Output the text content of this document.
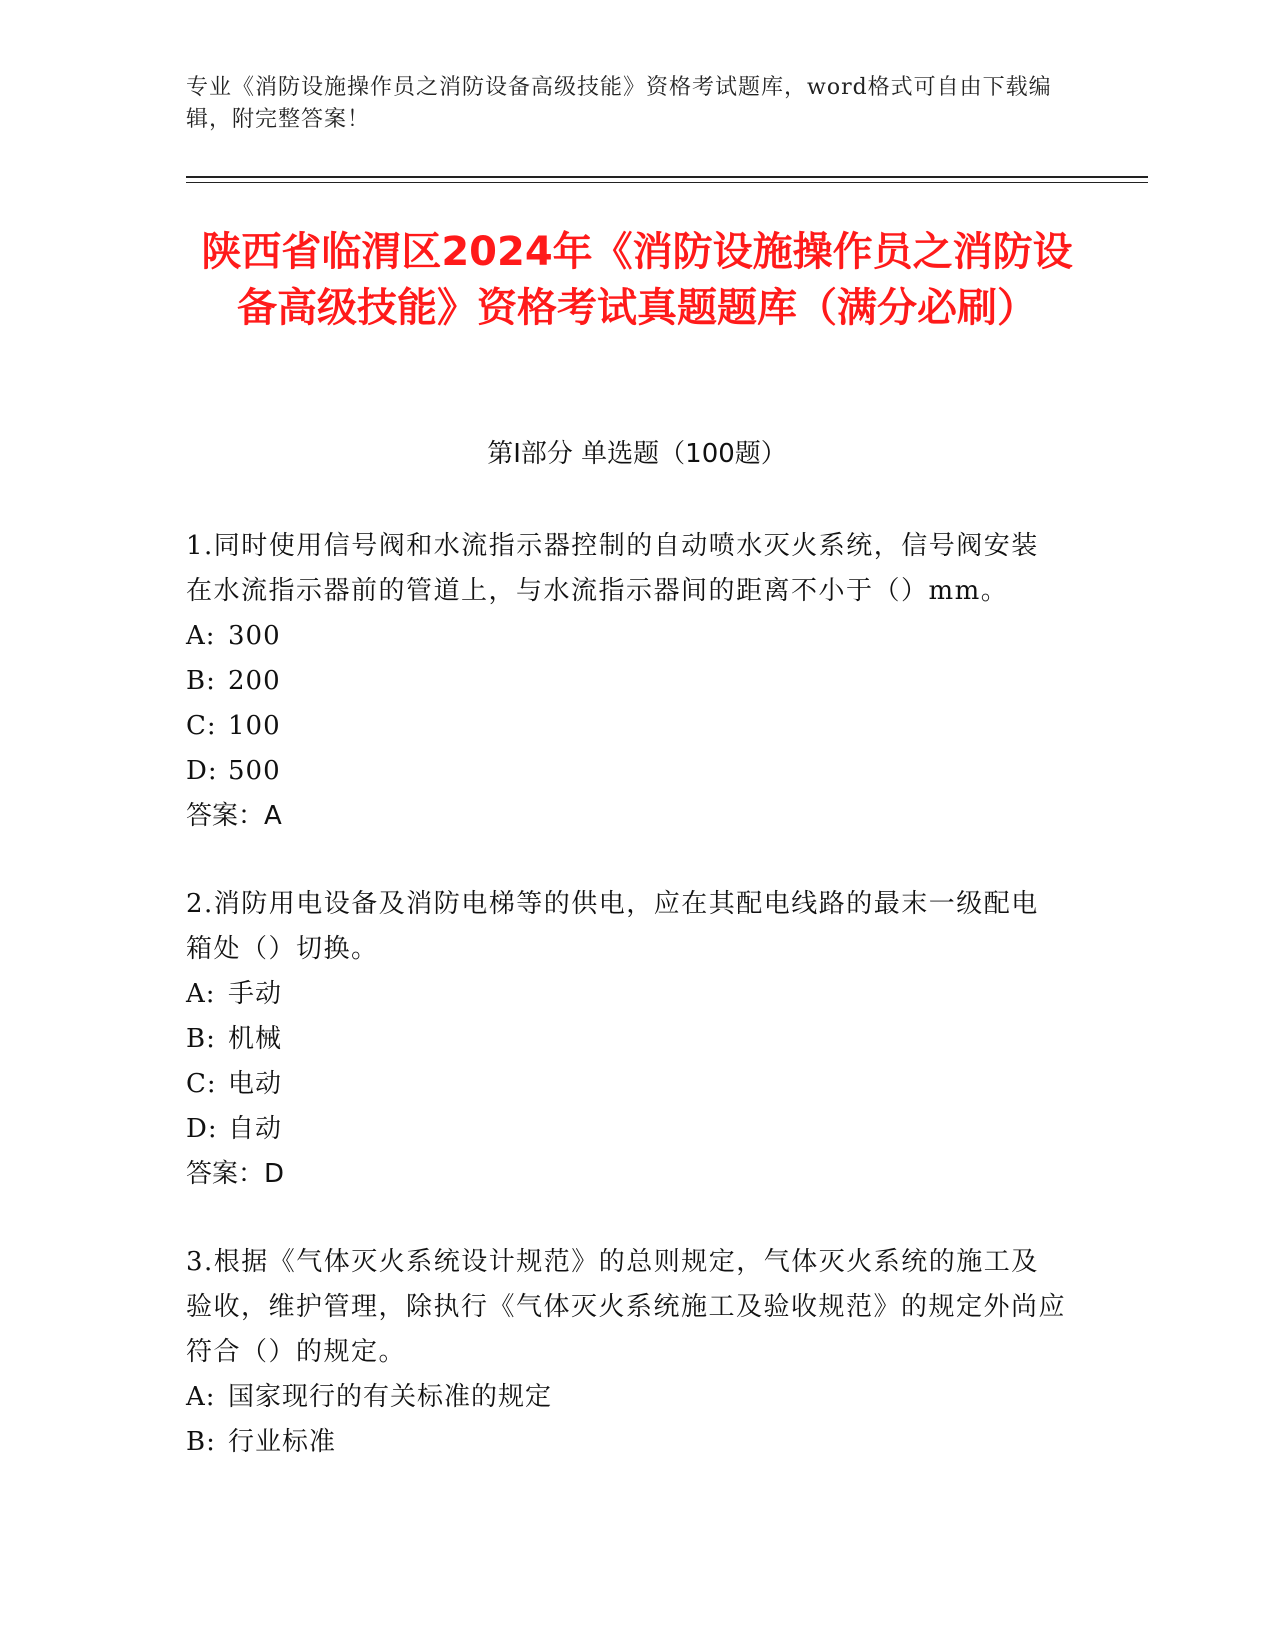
专业《消防设施操作员之消防设备高级技能》资格考试题库，word格式可自由下载编辑，附完整答案！
陕西省临渭区2024年《消防设施操作员之消防设备高级技能》资格考试真题题库（满分必刷）
第I部分 单选题（100题）

1.同时使用信号阀和水流指示器控制的自动喷水灭火系统，信号阀安装在水流指示器前的管道上，与水流指示器间的距离不小于（）mm。

A: 300

B: 200

C: 100

D: 500

答案：A

2.消防用电设备及消防电梯等的供电，应在其配电线路的最末一级配电箱处（）切换。

A: 手动

B: 机械

C: 电动

D: 自动

答案：D

3.根据《气体灭火系统设计规范》的总则规定，气体灭火系统的施工及验收，维护管理，除执行《气体灭火系统施工及验收规范》的规定外尚应符合（）的规定。

A: 国家现行的有关标准的规定

B: 行业标准
